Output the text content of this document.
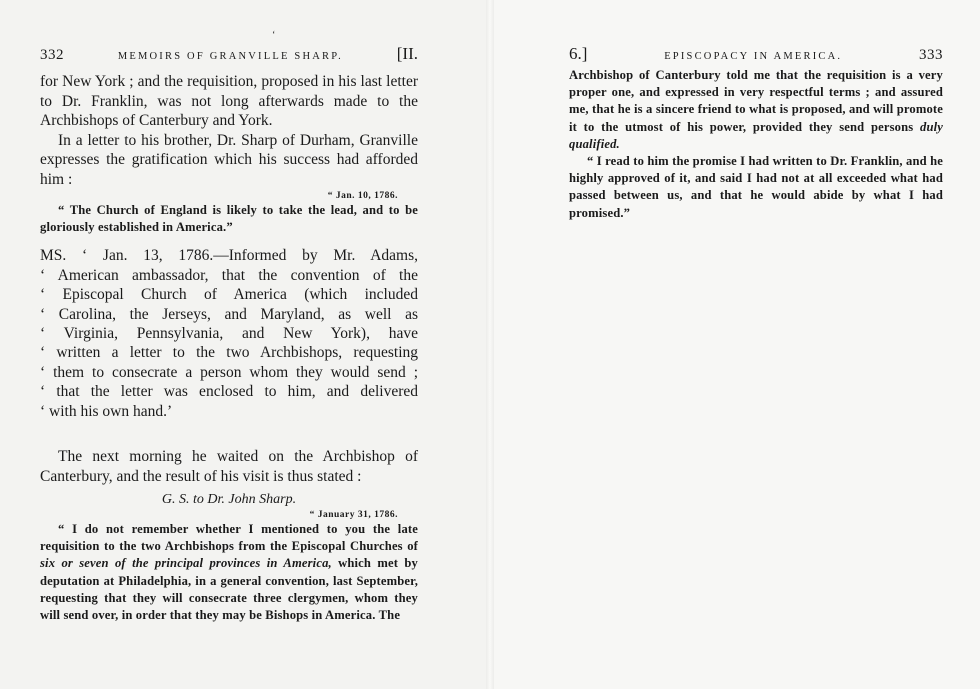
‘
332	MEMOIRS OF GRANVILLE SHARP.	[II.	6.]	EPISCOPACY IN AMERICA.	333

for New York ; and the requisition, proposed in his last letter to Dr. Franklin, was not long afterwards made to the Archbishops of Canterbury and York.

In a letter to his brother, Dr. Sharp of Durham, Granville expresses the gratification which his success had afforded him :

“ Jan. 10, 1786.

“ The Church of England is likely to take the lead, and to be gloriously established in America.”

MS. ‘ Jan. 13, 1786.—Informed by Mr. Adams,
‘ American ambassador, that the convention of the
‘ Episcopal Church of America (which included
‘ Carolina, the Jerseys, and Maryland, as well as
‘ Virginia, Pennsylvania, and New York), have
‘ written a letter to the two Archbishops, requesting
‘ them to consecrate a person whom they would send ;
‘ that the letter was enclosed to him, and delivered
‘ with his own hand.’

The next morning he waited on the Archbishop of Canterbury, and the result of his visit is thus stated :

G. S. to Dr. John Sharp.
“ January 31, 1786.

“ I do not remember whether I mentioned to you the late requisition to the two Archbishops from the Episcopal Churches of six or seven of the principal provinces in America, which met by deputation at Philadelphia, in a general convention, last September, requesting that they will consecrate three clergymen, whom they will send over, in order that they may be Bishops in America. The

Archbishop of Canterbury told me that the requisition is a very proper one, and expressed in very respectful terms ; and assured me, that he is a sincere friend to what is proposed, and will promote it to the utmost of his power, provided they send persons duly qualified.

“ I read to him the promise I had written to Dr. Franklin, and he highly approved of it, and said I had not at all exceeded what had passed between us, and that he would abide by what I had promised.”
